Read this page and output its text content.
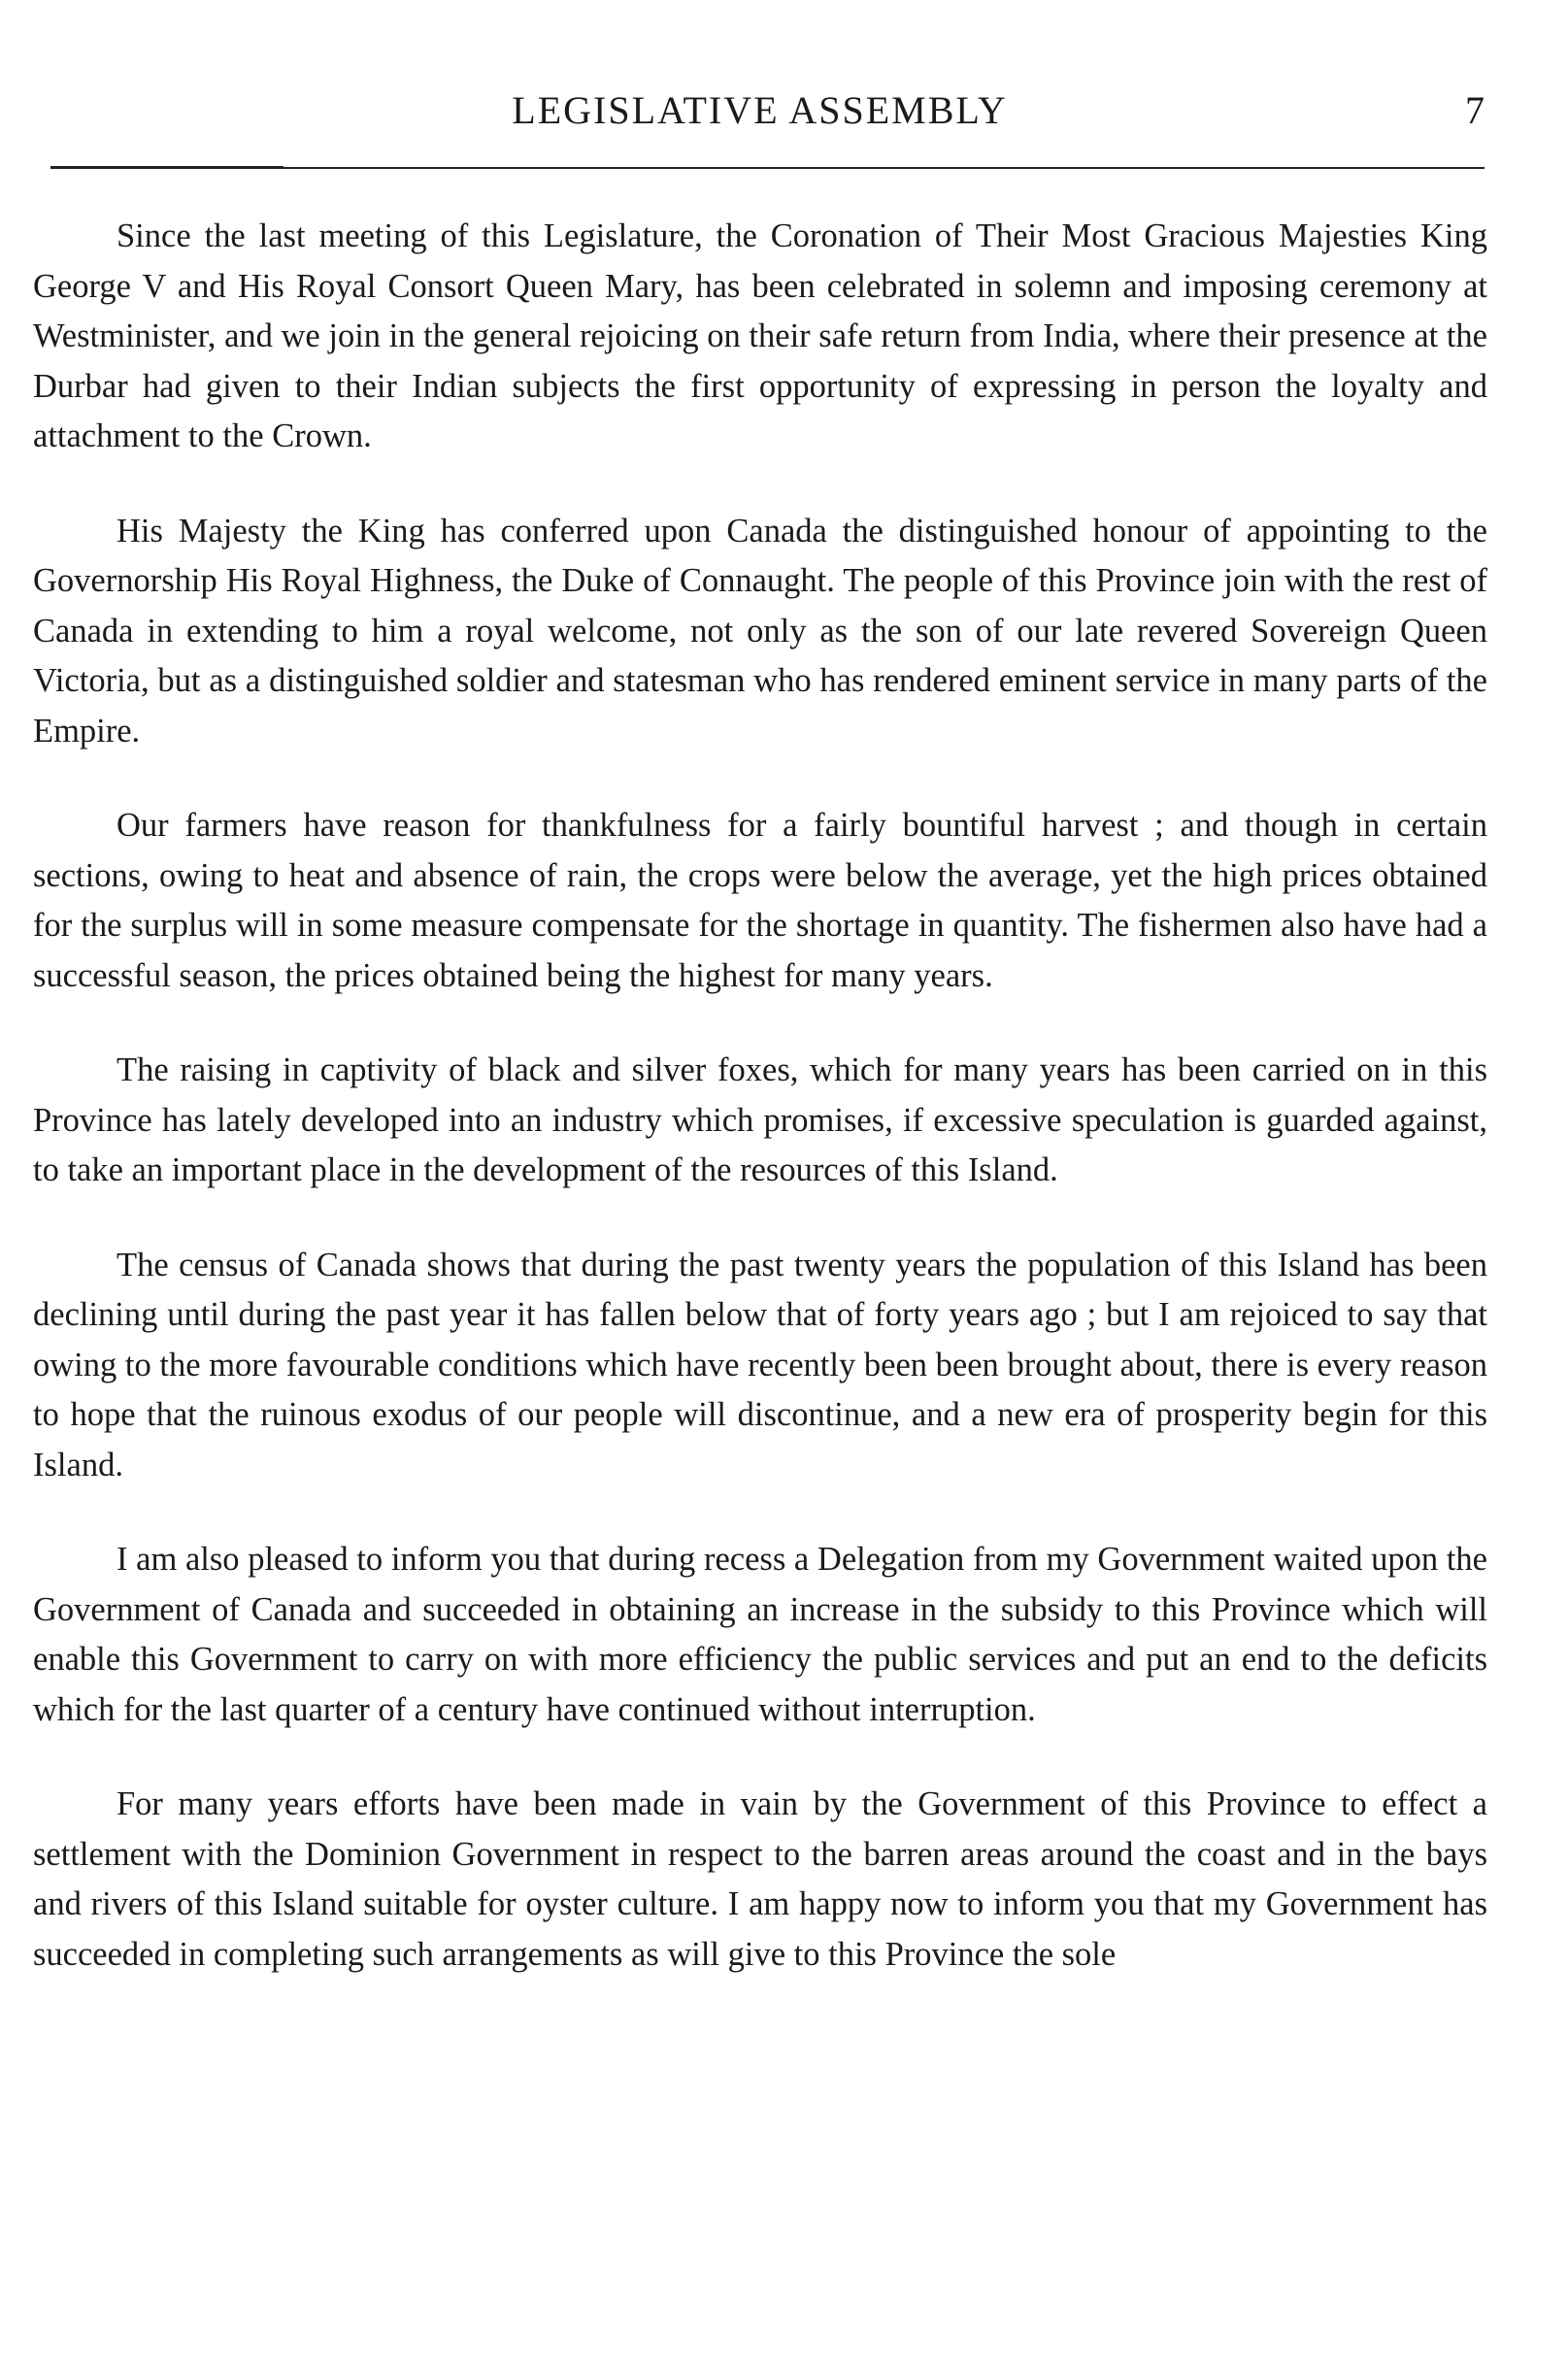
LEGISLATIVE ASSEMBLY	7

Since the last meeting of this Legislature, the Coronation of Their Most Gracious Majesties King George V and His Royal Consort Queen Mary, has been celebrated in solemn and imposing ceremony at Westminister, and we join in the general rejoicing on their safe return from India, where their presence at the Durbar had given to their Indian subjects the first opportunity of expressing in person the loyalty and attachment to the Crown.

His Majesty the King has conferred upon Canada the distinguished honour of appointing to the Governorship His Royal Highness, the Duke of Connaught. The people of this Province join with the rest of Canada in extending to him a royal welcome, not only as the son of our late revered Sovereign Queen Victoria, but as a distinguished soldier and statesman who has rendered eminent service in many parts of the Empire.

Our farmers have reason for thankfulness for a fairly bountiful harvest ; and though in certain sections, owing to heat and absence of rain, the crops were below the average, yet the high prices obtained for the surplus will in some measure compensate for the shortage in quantity. The fishermen also have had a successful season, the prices obtained being the highest for many years.

The raising in captivity of black and silver foxes, which for many years has been carried on in this Province has lately developed into an industry which promises, if excessive speculation is guarded against, to take an important place in the development of the resources of this Island.

The census of Canada shows that during the past twenty years the population of this Island has been declining until during the past year it has fallen below that of forty years ago ; but I am rejoiced to say that owing to the more favourable conditions which have recently been been brought about, there is every reason to hope that the ruinous exodus of our people will discontinue, and a new era of prosperity begin for this Island.

I am also pleased to inform you that during recess a Delegation from my Government waited upon the Government of Canada and succeeded in obtaining an increase in the subsidy to this Province which will enable this Government to carry on with more efficiency the public services and put an end to the deficits which for the last quarter of a century have continued without interruption.

For many years efforts have been made in vain by the Government of this Province to effect a settlement with the Dominion Government in respect to the barren areas around the coast and in the bays and rivers of this Island suitable for oyster culture. I am happy now to inform you that my Government has succeeded in completing such arrangements as will give to this Province the sole
